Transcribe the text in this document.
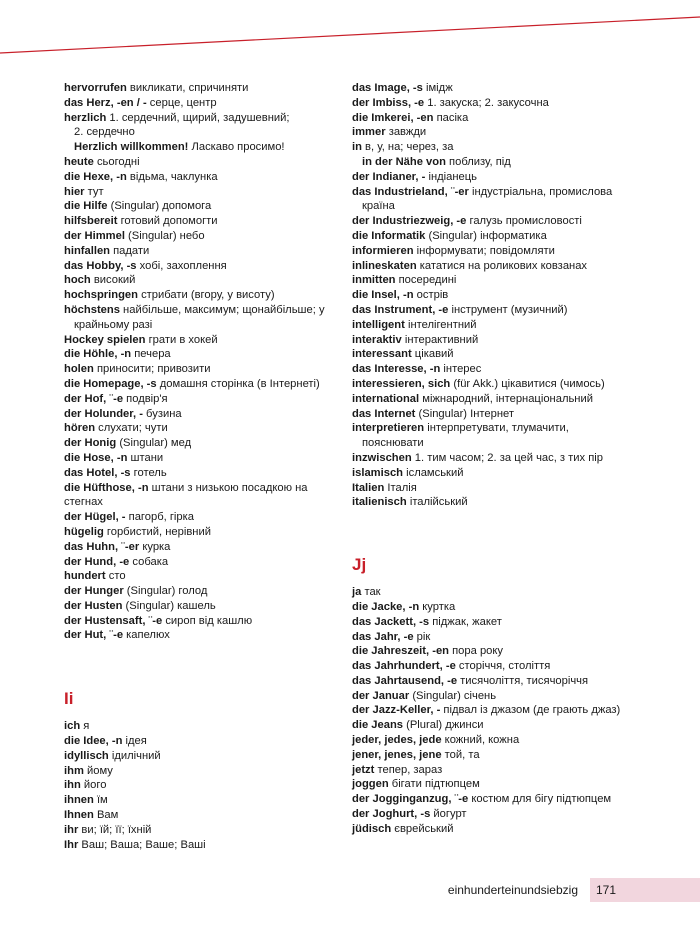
hervorrufen викликати, спричиняти

das Herz, -en / - серце, центр

herzlich 1. сердечний, щирий, задушевний;
2. сердечно

Herzlich willkommen! Ласкаво просимо!

heute сьогодні

die Hexe, -n відьма, чаклунка

hier тут

die Hilfe (Singular) допомога

hilfsbereit готовий допомогти

der Himmel (Singular) небо

hinfallen падати

das Hobby, -s хобі, захоплення

hoch високий

hochspringen стрибати (вгору, у висоту)

höchstens найбільше, максимум; щонайбільше; у
крайньому разі

Hockey spielen грати в хокей

die Höhle, -n печера

holen приносити; привозити

die Homepage, -s домашня сторінка (в Інтернеті)

der Hof, ¨-e подвір'я

der Holunder, - бузина

hören слухати; чути

der Honig (Singular) мед

die Hose, -n штани

das Hotel, -s готель

die Hüfthose, -n штани з низькою посадкою на стегнах

der Hügel, - пагорб, гірка

hügelig горбистий, нерівний

das Huhn, ¨-er курка

der Hund, -e собака

hundert сто

der Hunger (Singular) голод

der Husten (Singular) кашель

der Hustensaft, ¨-e сироп від кашлю

der Hut, ¨-e капелюх

Ii

ich я

die Idee, -n ідея

idyllisch ідилічний

ihm йому

ihn його

ihnen їм

Ihnen Вам

ihr ви; їй; її; їхній

Ihr Ваш; Ваша; Ваше; Ваші

das Image, -s імідж

der Imbiss, -e 1. закуска; 2. закусочна

die Imkerei, -en пасіка

immer завжди

in в, у, на; через, за

in der Nähe von поблизу, під

der Indianer, - індіанець

das Industrieland, ¨-er індустріальна, промислова
країна

der Industriezweig, -e галузь промисловості

die Informatik (Singular) інформатика

informieren інформувати; повідомляти

inlineskaten кататися на роликових ковзанах

inmitten посередині

die Insel, -n острів

das Instrument, -e інструмент (музичний)

intelligent інтелігентний

interaktiv інтерактивний

interessant цікавий

das Interesse, -n інтерес

interessieren, sich (für Akk.) цікавитися (чимось)

international міжнародний, інтернаціональний

das Internet (Singular) Інтернет

interpretieren інтерпретувати, тлумачити,
пояснювати

inzwischen 1. тим часом; 2. за цей час, з тих пір

islamisch ісламський

Italien Італія

italienisch італійський

Jj

ja так

die Jacke, -n куртка

das Jackett, -s піджак, жакет

das Jahr, -e рік

die Jahreszeit, -en пора року

das Jahrhundert, -e сторіччя, століття

das Jahrtausend, -e тисячоліття, тисячоріччя

der Januar (Singular) січень

der Jazz-Keller, - підвал із джазом (де грають джаз)

die Jeans (Plural) джинси

jeder, jedes, jede кожний, кожна

jener, jenes, jene той, та

jetzt тепер, зараз

joggen бігати підтюпцем

der Jogginganzug, ¨-e костюм для бігу підтюпцем

der Joghurt, -s йогурт

jüdisch єврейський

einhunderteinundsiebzig	171
